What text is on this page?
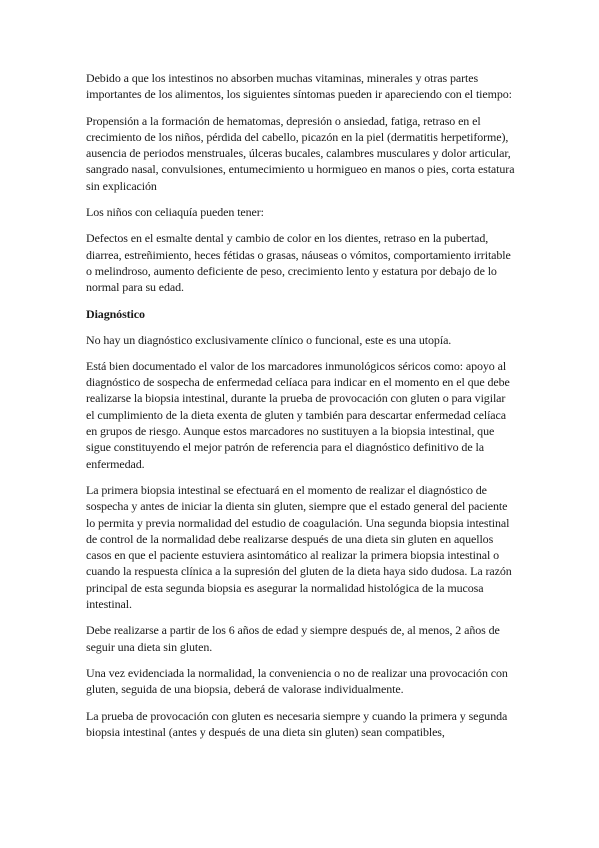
Debido a que los intestinos no absorben muchas vitaminas, minerales y otras partes importantes de los alimentos, los siguientes síntomas pueden ir apareciendo con el tiempo:

Propensión a la formación de hematomas, depresión o ansiedad, fatiga, retraso en el crecimiento de los niños, pérdida del cabello, picazón en la piel (dermatitis herpetiforme), ausencia de periodos menstruales, úlceras bucales, calambres musculares y dolor articular, sangrado nasal, convulsiones, entumecimiento u hormigueo en manos o pies, corta estatura sin explicación

Los niños con celiaquía pueden tener:

Defectos en el esmalte dental y cambio de color en los dientes, retraso en la pubertad, diarrea, estreñimiento, heces fétidas o grasas, náuseas o vómitos, comportamiento irritable o melindroso, aumento deficiente de peso, crecimiento lento y estatura por debajo de lo normal para su edad.

Diagnóstico

No hay un diagnóstico exclusivamente clínico o funcional, este es una utopía.

Está bien documentado el valor de los marcadores inmunológicos séricos como: apoyo al diagnóstico de sospecha de enfermedad celíaca para indicar en el momento en el que debe realizarse la biopsia intestinal, durante la prueba de provocación con gluten o para vigilar el cumplimiento de la dieta exenta de gluten y también para descartar enfermedad celíaca en grupos de riesgo. Aunque estos marcadores no sustituyen a la biopsia intestinal, que sigue constituyendo el mejor patrón de referencia para el diagnóstico definitivo de la enfermedad.

La primera biopsia intestinal se efectuará en el momento de realizar el diagnóstico de sospecha y antes de iniciar la dienta sin gluten, siempre que el estado general del paciente lo permita y previa normalidad del estudio de coagulación. Una segunda biopsia intestinal de control de la normalidad debe realizarse después de una dieta sin gluten en aquellos casos en que el paciente estuviera asintomático al realizar la primera biopsia intestinal o cuando la respuesta clínica a la supresión del gluten de la dieta haya sido dudosa. La razón principal de esta segunda biopsia es asegurar la normalidad histológica de la mucosa intestinal.

Debe realizarse a partir de los 6 años de edad y siempre después de, al menos, 2 años de seguir una dieta sin gluten.

Una vez evidenciada la normalidad, la conveniencia o no de realizar una provocación con gluten, seguida de una biopsia, deberá de valorase individualmente.

La prueba de provocación con gluten es necesaria siempre y cuando la primera y segunda biopsia intestinal (antes y después de una dieta sin gluten) sean compatibles,
